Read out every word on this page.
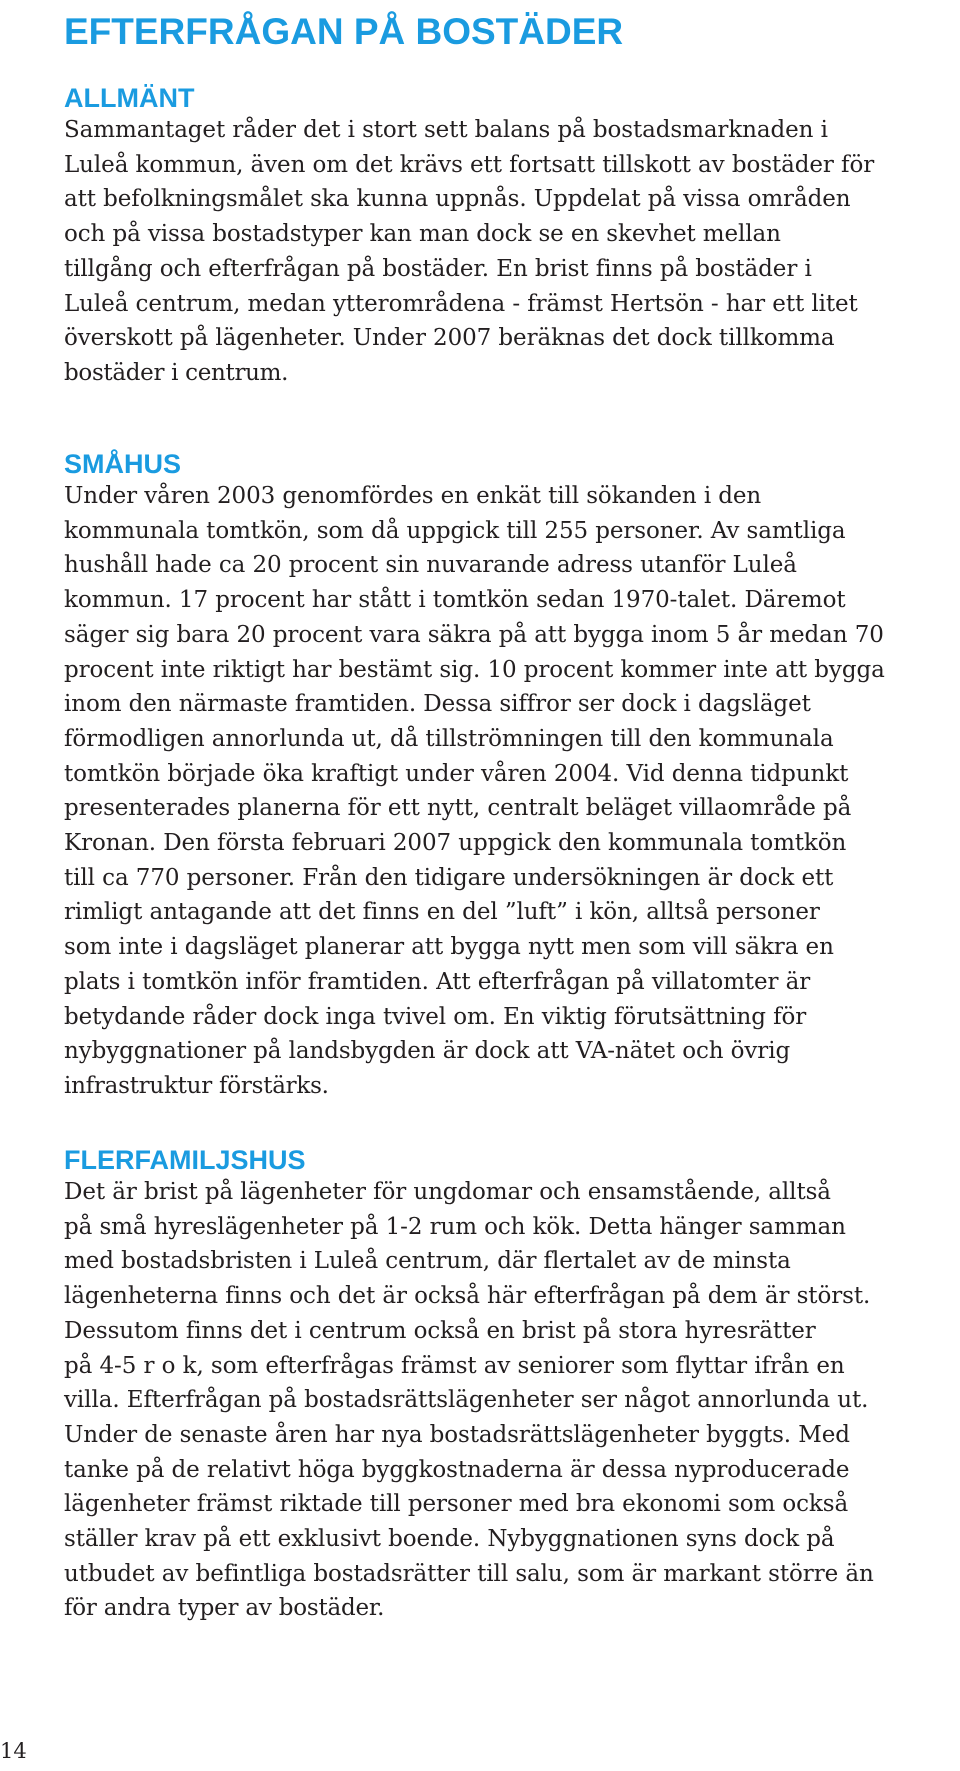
EFTERFRÅGAN PÅ BOSTÄDER
ALLMÄNT

Sammantaget råder det i stort sett balans på bostadsmarknaden i
Luleå kommun, även om det krävs ett fortsatt tillskott av bostäder för
att befolkningsmålet ska kunna uppnås. Uppdelat på vissa områden
och på vissa bostadstyper kan man dock se en skevhet mellan
tillgång och efterfrågan på bostäder. En brist finns på bostäder i
Luleå centrum, medan ytterområdena - främst Hertsön - har ett litet
överskott på lägenheter. Under 2007 beräknas det dock tillkomma
bostäder i centrum.

SMÅHUS

Under våren 2003 genomfördes en enkät till sökanden i den
kommunala tomtkön, som då uppgick till 255 personer. Av samtliga
hushåll hade ca 20 procent sin nuvarande adress utanför Luleå
kommun. 17 procent har stått i tomtkön sedan 1970-talet. Däremot
säger sig bara 20 procent vara säkra på att bygga inom 5 år medan 70
procent inte riktigt har bestämt sig. 10 procent kommer inte att bygga
inom den närmaste framtiden. Dessa siffror ser dock i dagsläget
förmodligen annorlunda ut, då tillströmningen till den kommunala
tomtkön började öka kraftigt under våren 2004. Vid denna tidpunkt
presenterades planerna för ett nytt, centralt beläget villaområde på
Kronan. Den första februari 2007 uppgick den kommunala tomtkön
till ca 770 personer. Från den tidigare undersökningen är dock ett
rimligt antagande att det finns en del ”luft” i kön, alltså personer
som inte i dagsläget planerar att bygga nytt men som vill säkra en
plats i tomtkön inför framtiden. Att efterfrågan på villatomter är
betydande råder dock inga tvivel om. En viktig förutsättning för
nybyggnationer på landsbygden är dock att VA-nätet och övrig
infrastruktur förstärks.

FLERFAMILJSHUS

Det är brist på lägenheter för ungdomar och ensamstående, alltså
på små hyreslägenheter på 1-2 rum och kök. Detta hänger samman
med bostadsbristen i Luleå centrum, där flertalet av de minsta
lägenheterna finns och det är också här efterfrågan på dem är störst.
Dessutom finns det i centrum också en brist på stora hyresrätter
på 4-5 r o k, som efterfrågas främst av seniorer som flyttar ifrån en
villa. Efterfrågan på bostadsrättslägenheter ser något annorlunda ut.
Under de senaste åren har nya bostadsrättslägenheter byggts. Med
tanke på de relativt höga byggkostnaderna är dessa nyproducerade
lägenheter främst riktade till personer med bra ekonomi som också
ställer krav på ett exklusivt boende. Nybyggnationen syns dock på
utbudet av befintliga bostadsrätter till salu, som är markant större än
för andra typer av bostäder.

14
